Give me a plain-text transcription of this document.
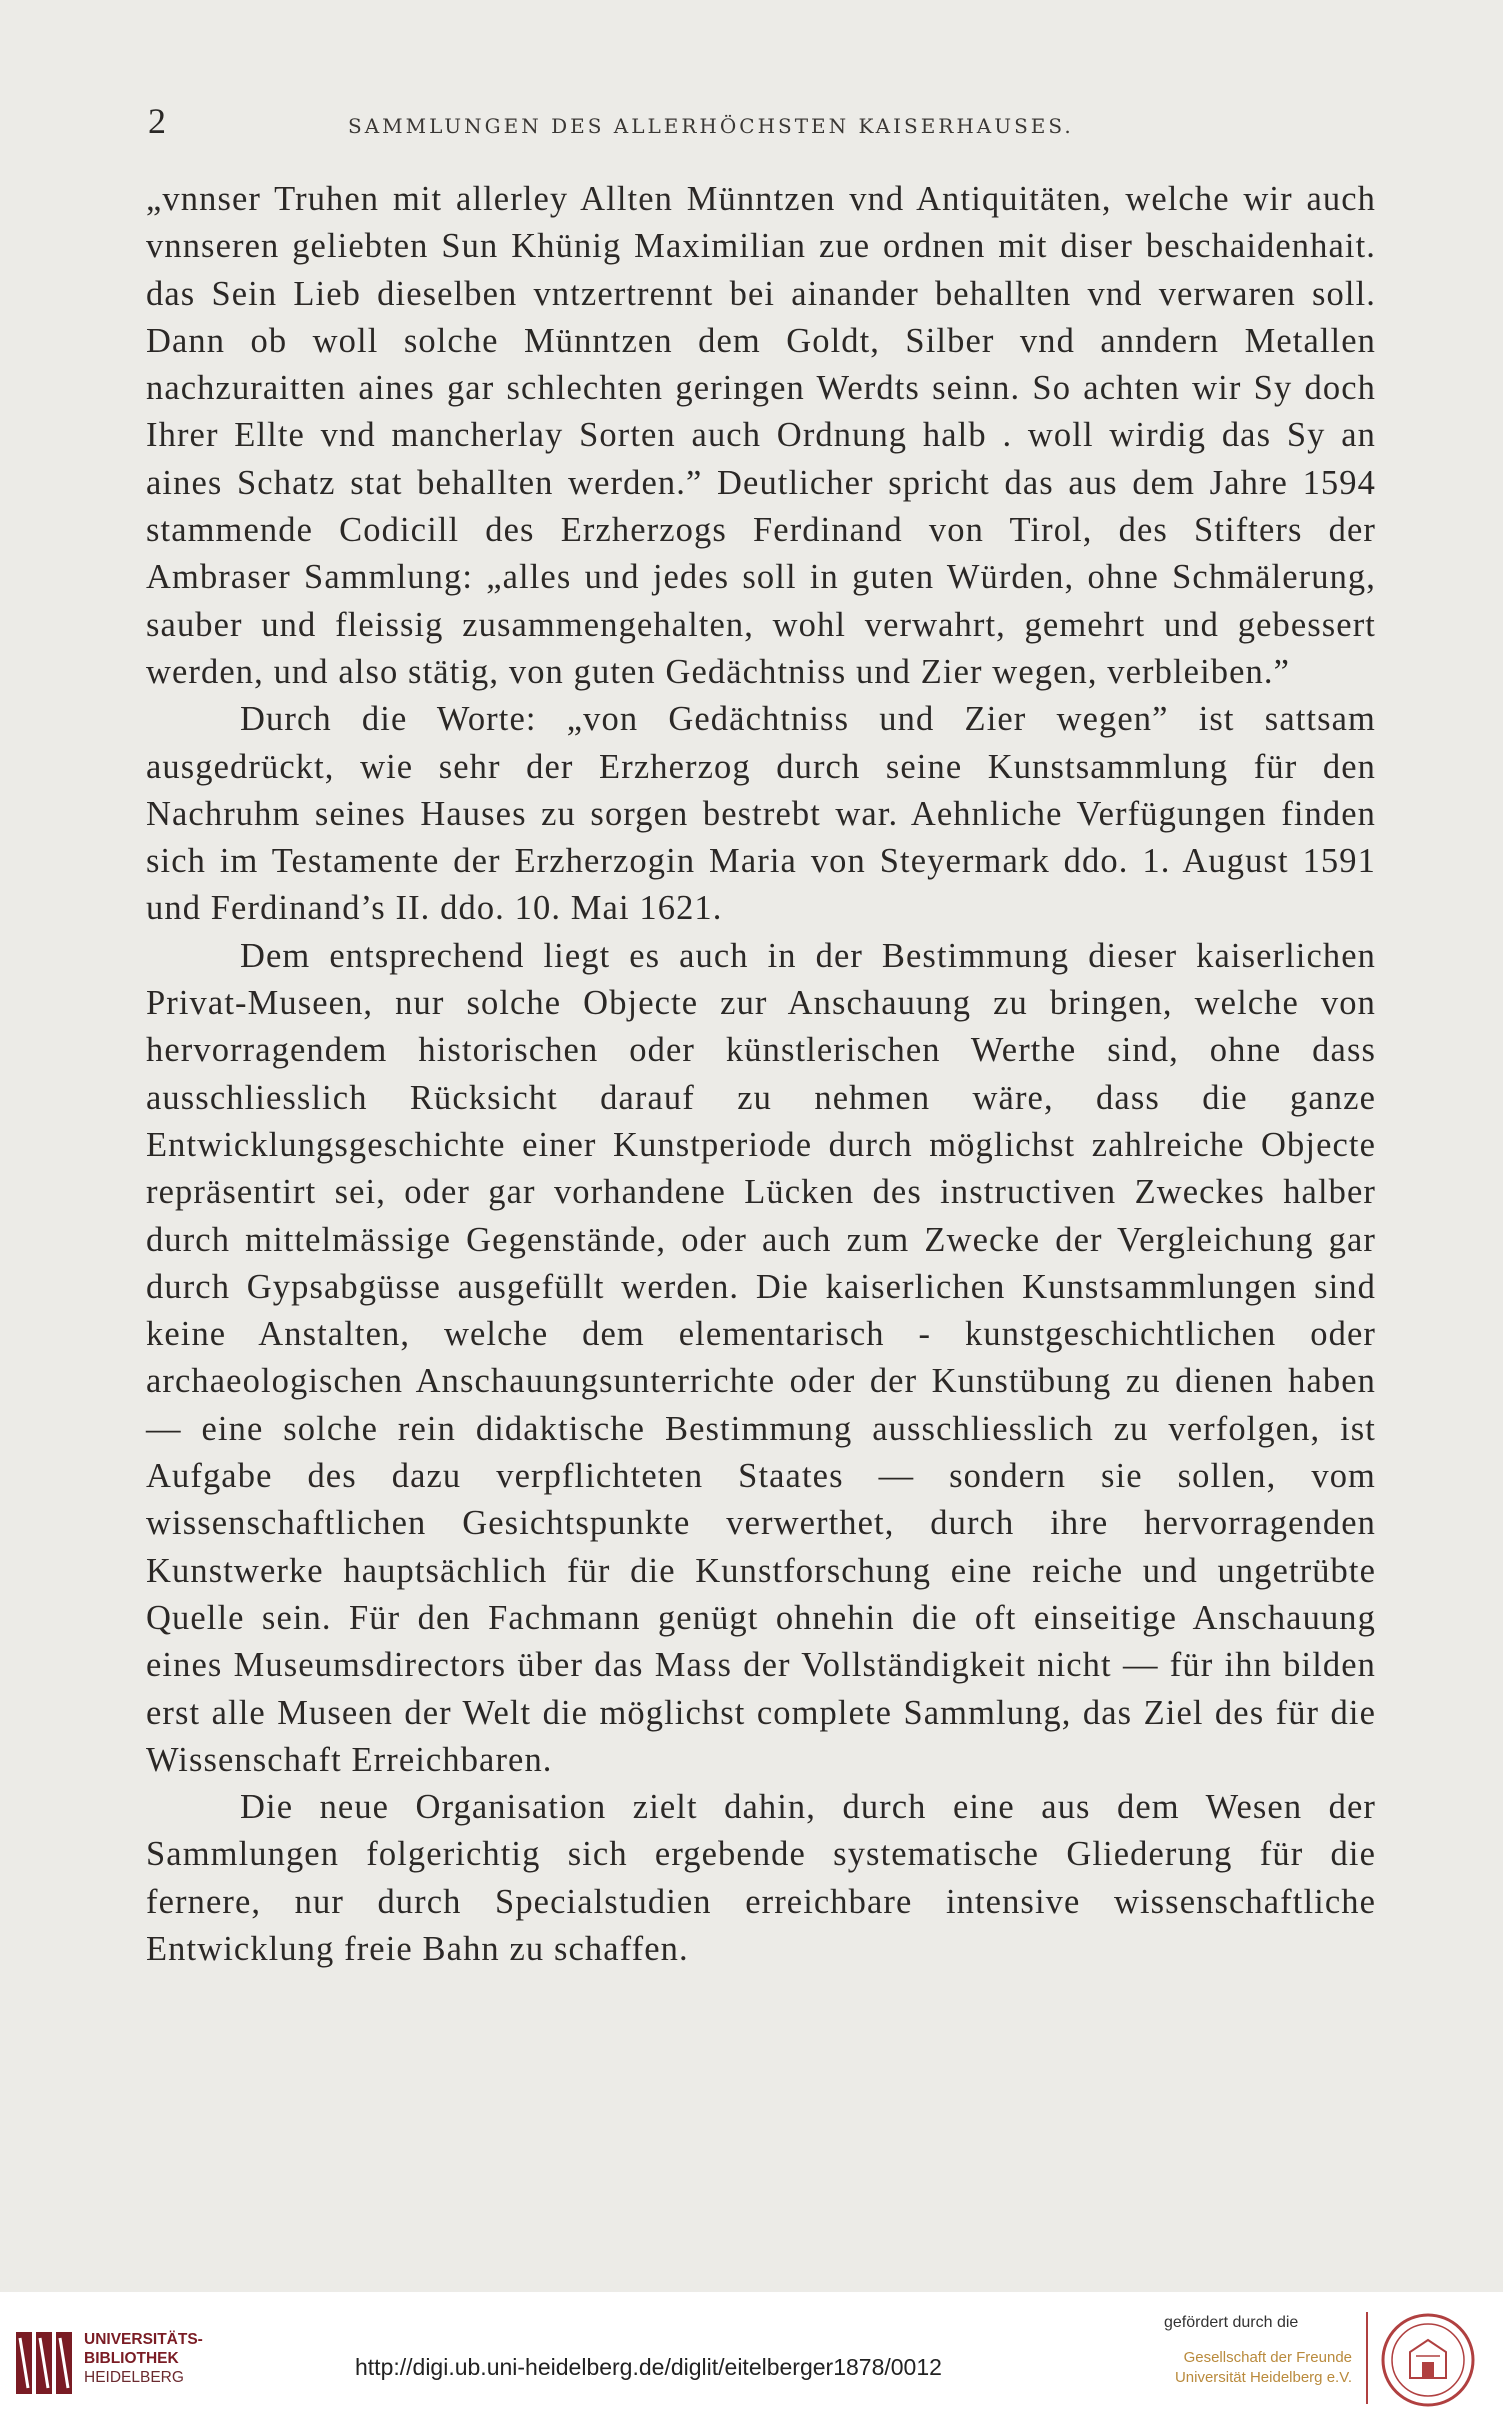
2	SAMMLUNGEN DES ALLERHÖCHSTEN KAISERHAUSES.

„vnnser Truhen mit allerley Allten Münntzen vnd Antiquitäten, welche wir auch vnnseren geliebten Sun Khünig Maximilian zue ordnen mit diser beschaidenhait. das Sein Lieb dieselben vntzertrennt bei ainander behallten vnd verwaren soll. Dann ob woll solche Münntzen dem Goldt, Silber vnd anndern Metallen nachzuraitten aines gar schlechten geringen Werdts seinn. So achten wir Sy doch Ihrer Ellte vnd mancherlay Sorten auch Ordnung halb . woll wirdig das Sy an aines Schatz stat behallten werden.” Deutlicher spricht das aus dem Jahre 1594 stammende Codicill des Erzherzogs Ferdinand von Tirol, des Stifters der Ambraser Sammlung: „alles und jedes soll in guten Würden, ohne Schmälerung, sauber und fleissig zusammengehalten, wohl verwahrt, gemehrt und gebessert werden, und also stätig, von guten Gedächtniss und Zier wegen, verbleiben.”

Durch die Worte: „von Gedächtniss und Zier wegen” ist sattsam ausgedrückt, wie sehr der Erzherzog durch seine Kunstsammlung für den Nachruhm seines Hauses zu sorgen bestrebt war. Aehnliche Verfügungen finden sich im Testamente der Erzherzogin Maria von Steyermark ddo. 1. August 1591 und Ferdinand’s II. ddo. 10. Mai 1621.

Dem entsprechend liegt es auch in der Bestimmung dieser kaiserlichen Privat-Museen, nur solche Objecte zur Anschauung zu bringen, welche von hervorragendem historischen oder künstlerischen Werthe sind, ohne dass ausschliesslich Rücksicht darauf zu nehmen wäre, dass die ganze Entwicklungsgeschichte einer Kunstperiode durch möglichst zahlreiche Objecte repräsentirt sei, oder gar vorhandene Lücken des instructiven Zweckes halber durch mittelmässige Gegenstände, oder auch zum Zwecke der Vergleichung gar durch Gypsabgüsse ausgefüllt werden. Die kaiserlichen Kunstsammlungen sind keine Anstalten, welche dem elementarisch - kunstgeschichtlichen oder archaeologischen Anschauungsunterrichte oder der Kunstübung zu dienen haben — eine solche rein didaktische Bestimmung ausschliesslich zu verfolgen, ist Aufgabe des dazu verpflichteten Staates — sondern sie sollen, vom wissenschaftlichen Gesichtspunkte verwerthet, durch ihre hervorragenden Kunstwerke hauptsächlich für die Kunstforschung eine reiche und ungetrübte Quelle sein. Für den Fachmann genügt ohnehin die oft einseitige Anschauung eines Museumsdirectors über das Mass der Vollständigkeit nicht — für ihn bilden erst alle Museen der Welt die möglichst complete Sammlung, das Ziel des für die Wissenschaft Erreichbaren.

Die neue Organisation zielt dahin, durch eine aus dem Wesen der Sammlungen folgerichtig sich ergebende systematische Gliederung für die fernere, nur durch Specialstudien erreichbare intensive wissenschaftliche Entwicklung freie Bahn zu schaffen.

UNIVERSITÄTS-
BIBLIOTHEK
HEIDELBERG	http://digi.ub.uni-heidelberg.de/diglit/eitelberger1878/0012
gefördert durch die
Gesellschaft der Freunde
Universität Heidelberg e.V.
